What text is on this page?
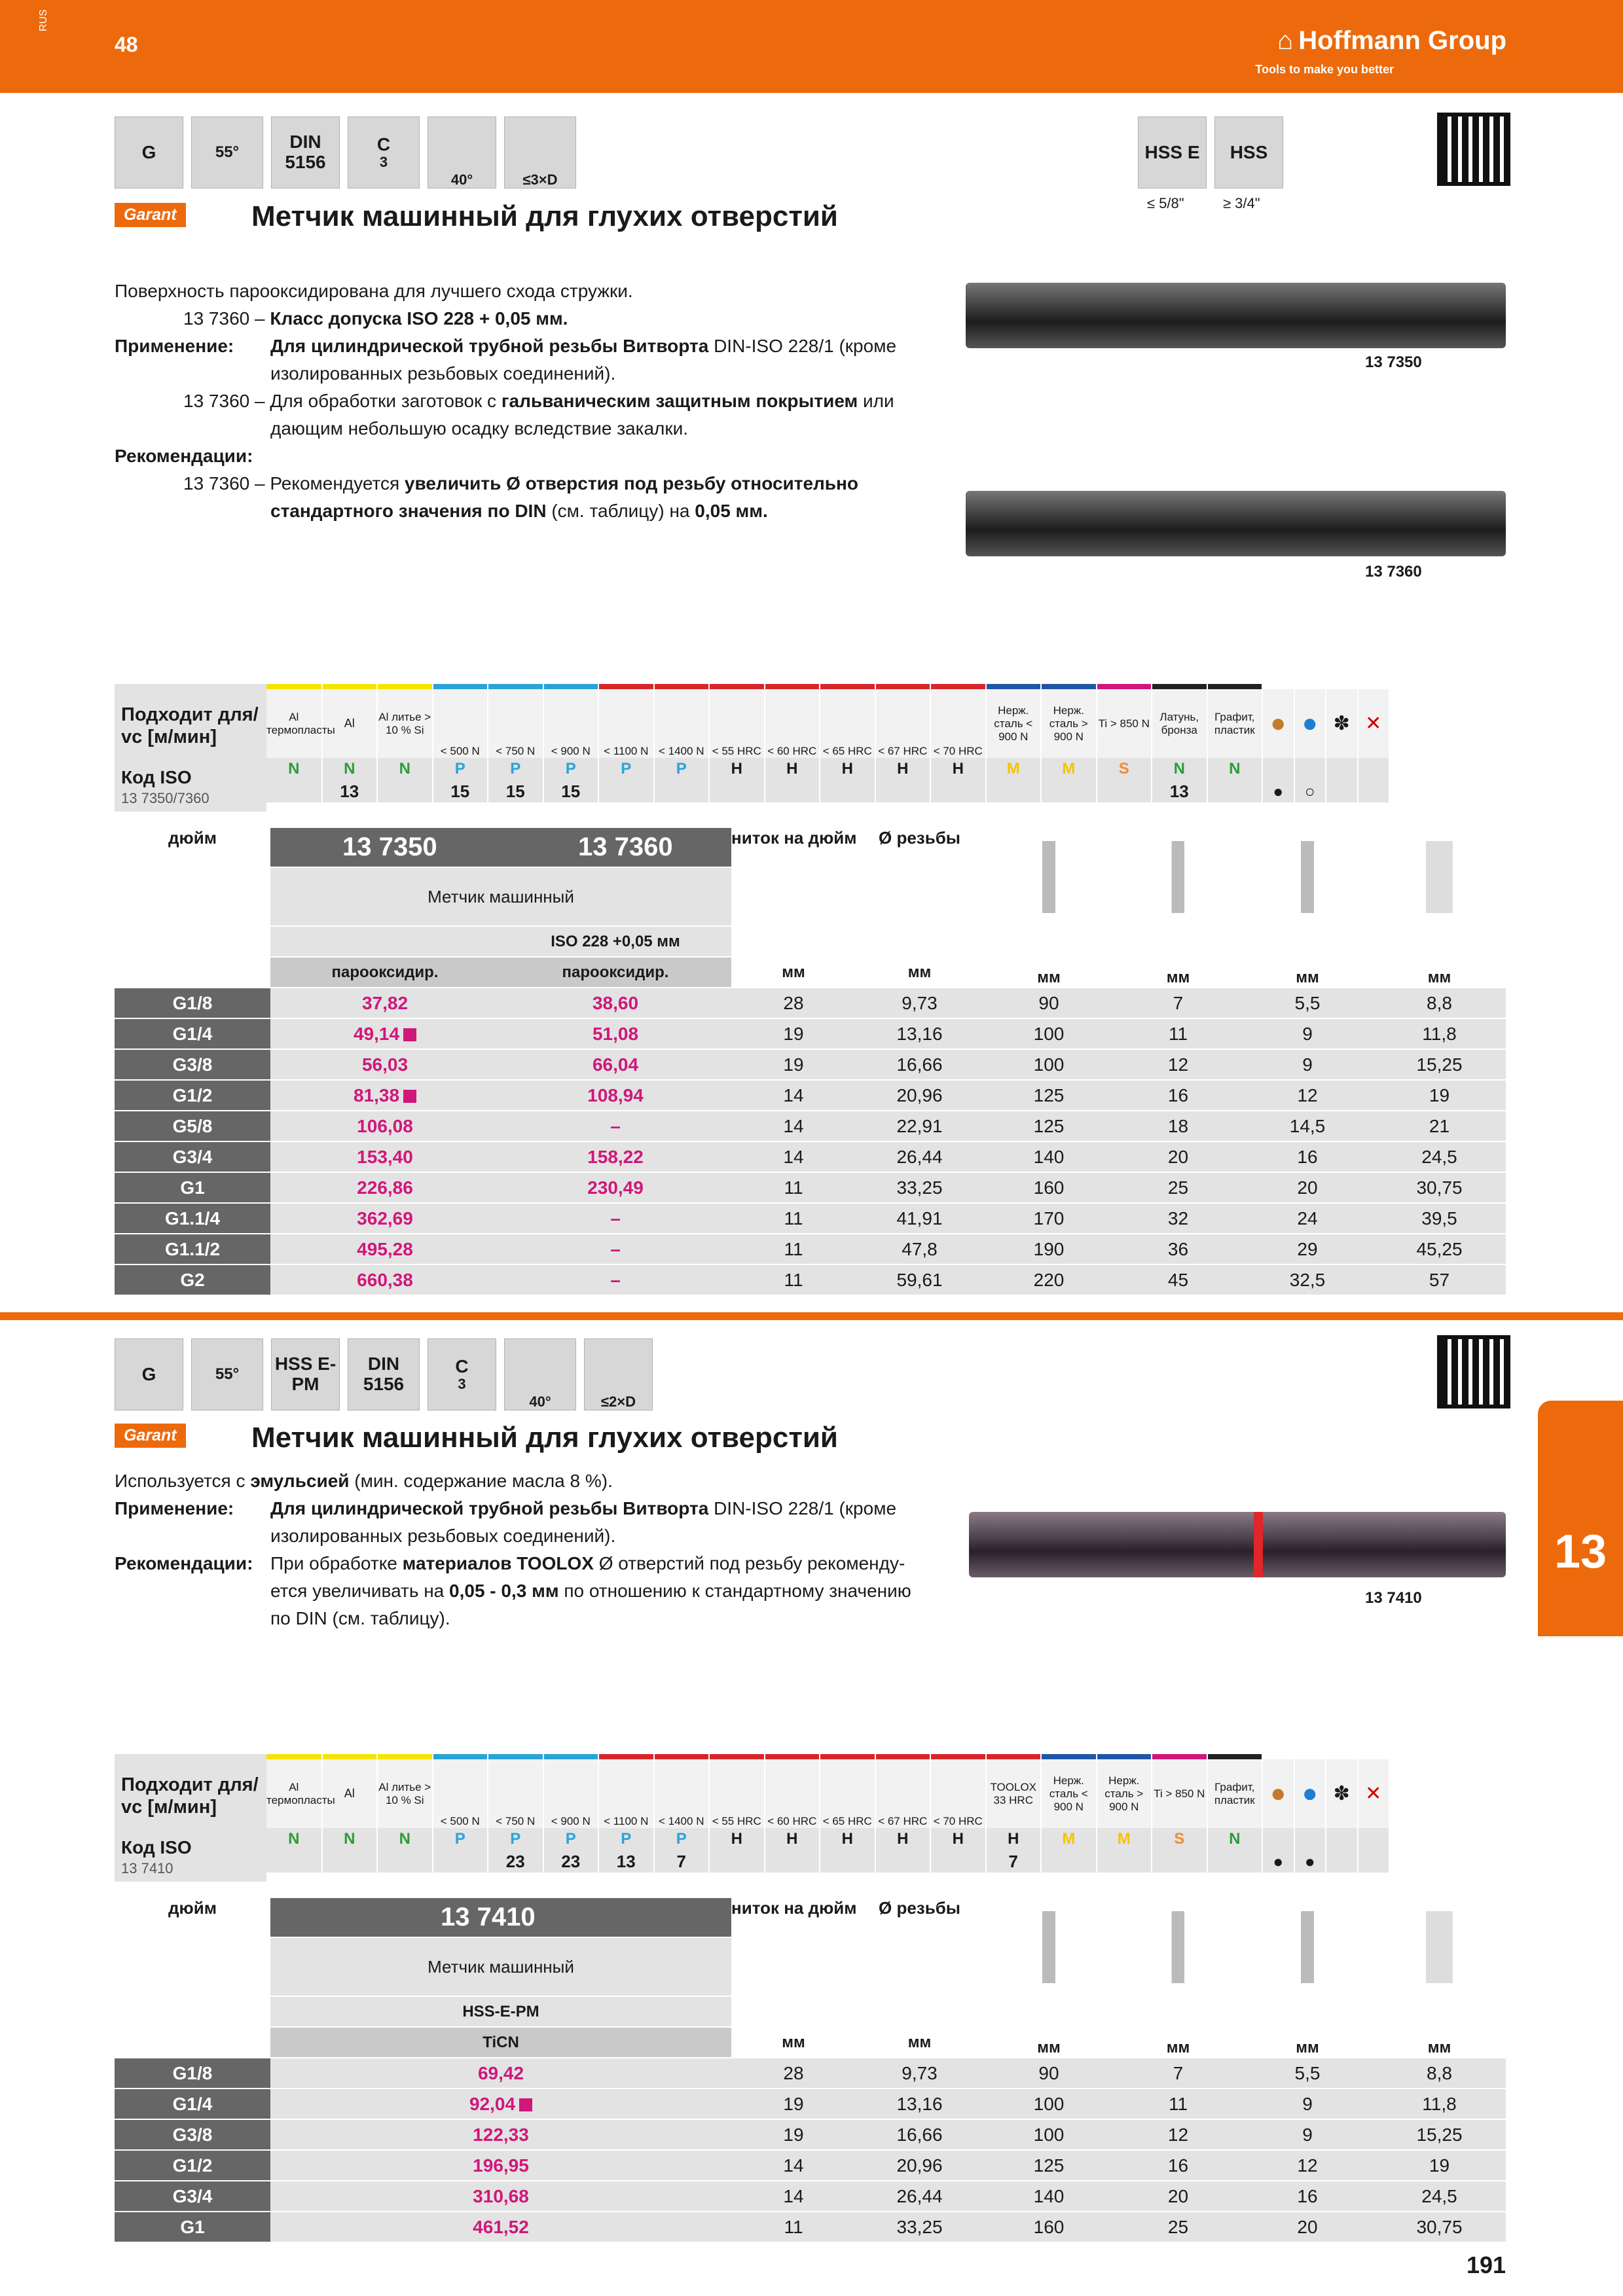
RUS
48	⌂ Hoffmann Group
Tools to make you better
G	55°
DIN 5156
C
3
40°	≤3×D
HSS E	HSS
≤ 5/8"	≥ 3/4"
Garant	Метчик машинный для глухих отверстий
Поверхность пароoксидирована для лучшего схода стружки.
13 7360 – Класс допуска ISO 228 + 0,05 мм.
Применение:	Для цилиндрической трубной резьбы Витворта DIN-ISO 228/1 (кроме
изолированных резьбовых соединений).
13 7360 – Для обработки заготовок с гальваническим защитным покрытием или
дающим небольшую осадку вследствие закалки.
Рекомендации:
13 7360 – Рекомендуется увеличить Ø отверстия под резьбу относительно
стандартного значения по DIN (см. таблицу) на 0,05 мм.
13 7350
13 7360
Подходит для/ vc [м/мин]
Код ISO
13 7350/7360

Al термопласты	Al	Al литье > 10 % Si	< 500 N	< 750 N	< 900 N	< 1100 N	< 1400 N	< 55 HRC	< 60 HRC	< 65 HRC	< 67 HRC	< 70 HRC	Нерж. сталь < 900 N	Нерж. сталь > 900 N	Ti > 850 N	Латунь, бронза	Графит, пластик	●	●	✽	✕
N	N	N	P	P	P	P	P	H	H	H	H	H	M	M	S	N	N				
	13		15	15	15											13		●	○		
дюйм	13 7350	13 7360	ниток на дюйм	Ø резьбы	мм	мм	мм	мм
	Метчик машинный							
		ISO 228 +0,05 мм						
	пароoксидир.	пароoксидир.	мм	мм				
G1/8	37,82	38,60	28	9,73	90	7	5,5	8,8
G1/4	49,14	51,08	19	13,16	100	11	9	11,8
G3/8	56,03	66,04	19	16,66	100	12	9	15,25
G1/2	81,38	108,94	14	20,96	125	16	12	19
G5/8	106,08	–	14	22,91	125	18	14,5	21
G3/4	153,40	158,22	14	26,44	140	20	16	24,5
G1	226,86	230,49	11	33,25	160	25	20	30,75
G1.1/4	362,69	–	11	41,91	170	32	24	39,5
G1.1/2	495,28	–	11	47,8	190	36	29	45,25
G2	660,38	–	11	59,61	220	45	32,5	57
G	55°
HSS E-PM
DIN 5156
C
3
40°	≤2×D
Garant	Метчик машинный для глухих отверстий
Используется с эмульсией (мин. содержание масла 8 %).
Применение:	Для цилиндрической трубной резьбы Витворта DIN-ISO 228/1 (кроме
изолированных резьбовых соединений).
Рекомендации: При обработке материалов TOOLOX Ø отверстий под резьбу рекоменду-
ется увеличивать на 0,05 - 0,3 мм по отношению к стандартному значению
по DIN (см. таблицу).
13 7410
13
Подходит для/ vc [м/мин]
Код ISO
13 7410

Al термопласты	Al	Al литье > 10 % Si	< 500 N	< 750 N	< 900 N	< 1100 N	< 1400 N	< 55 HRC	< 60 HRC	< 65 HRC	< 67 HRC	< 70 HRC	TOOLOX 33 HRC	Нерж. сталь < 900 N	Нерж. сталь > 900 N	Ti > 850 N	Графит, пластик	●	●	✽	✕
N	N	N	P	P	P	P	P	H	H	H	H	H	H	M	M	S	N				
				23	23	13	7						7					●	●		
дюйм	13 7410	ниток на дюйм	Ø резьбы	мм	мм	мм	мм
	Метчик машинный						
	HSS-E-PM						
	TiCN	мм	мм				
G1/8	69,42	28	9,73	90	7	5,5	8,8
G1/4	92,04	19	13,16	100	11	9	11,8
G3/8	122,33	19	16,66	100	12	9	15,25
G1/2	196,95	14	20,96	125	16	12	19
G3/4	310,68	14	26,44	140	20	16	24,5
G1	461,52	11	33,25	160	25	20	30,75
191
